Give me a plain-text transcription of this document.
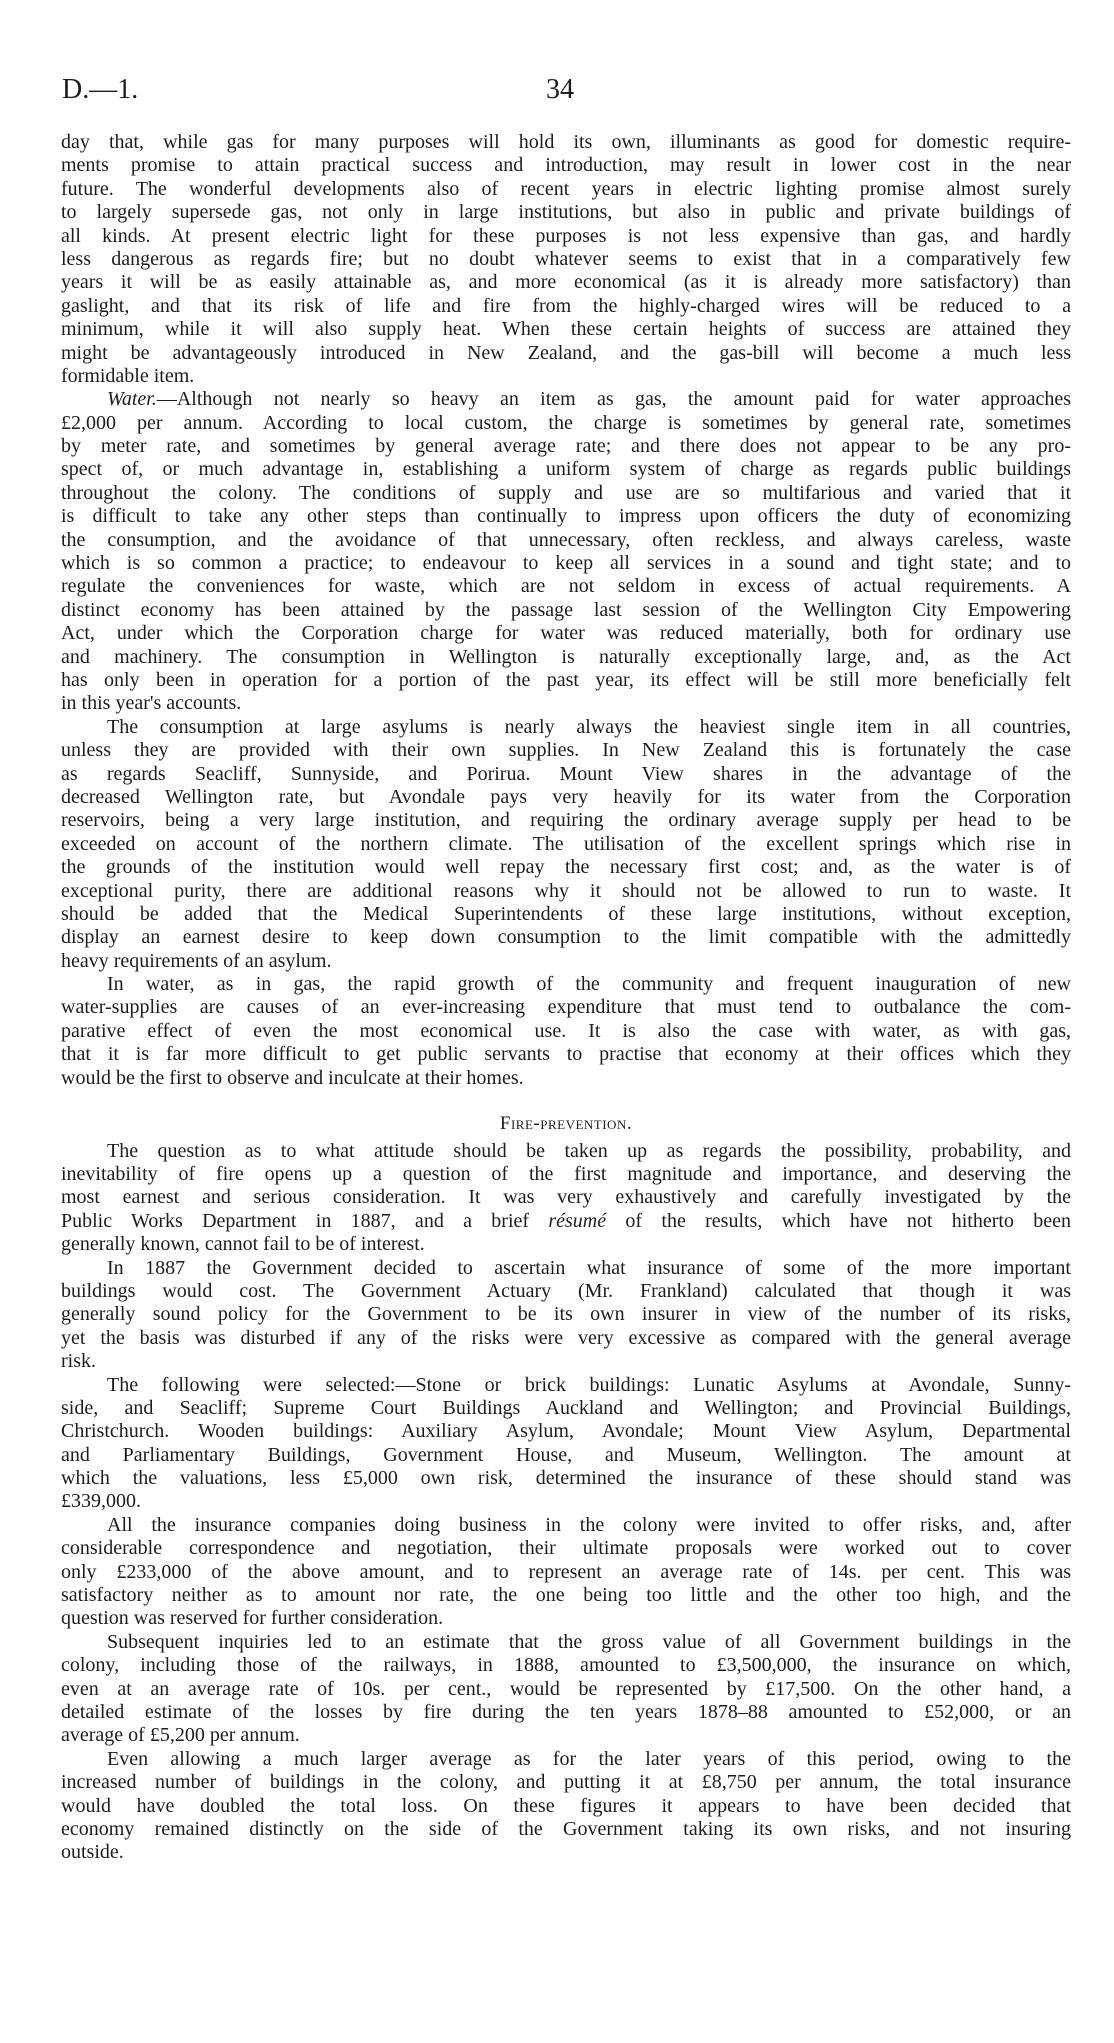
D.—1.	34
day that, while gas for many purposes will hold its own, illuminants as good for domestic require-
ments promise to attain practical success and introduction, may result in lower cost in the near
future. The wonderful developments also of recent years in electric lighting promise almost surely
to largely supersede gas, not only in large institutions, but also in public and private buildings of
all kinds. At present electric light for these purposes is not less expensive than gas, and hardly
less dangerous as regards fire; but no doubt whatever seems to exist that in a comparatively few
years it will be as easily attainable as, and more economical (as it is already more satisfactory) than
gaslight, and that its risk of life and fire from the highly-charged wires will be reduced to a
minimum, while it will also supply heat. When these certain heights of success are attained they
might be advantageously introduced in New Zealand, and the gas-bill will become a much less
formidable item.
Water.—Although not nearly so heavy an item as gas, the amount paid for water approaches
£2,000 per annum. According to local custom, the charge is sometimes by general rate, sometimes
by meter rate, and sometimes by general average rate; and there does not appear to be any pro-
spect of, or much advantage in, establishing a uniform system of charge as regards public buildings
throughout the colony. The conditions of supply and use are so multifarious and varied that it
is difficult to take any other steps than continually to impress upon officers the duty of economizing
the consumption, and the avoidance of that unnecessary, often reckless, and always careless, waste
which is so common a practice; to endeavour to keep all services in a sound and tight state; and to
regulate the conveniences for waste, which are not seldom in excess of actual requirements. A
distinct economy has been attained by the passage last session of the Wellington City Empowering
Act, under which the Corporation charge for water was reduced materially, both for ordinary use
and machinery. The consumption in Wellington is naturally exceptionally large, and, as the Act
has only been in operation for a portion of the past year, its effect will be still more beneficially felt
in this year's accounts.
The consumption at large asylums is nearly always the heaviest single item in all countries,
unless they are provided with their own supplies. In New Zealand this is fortunately the case
as regards Seacliff, Sunnyside, and Porirua. Mount View shares in the advantage of the
decreased Wellington rate, but Avondale pays very heavily for its water from the Corporation
reservoirs, being a very large institution, and requiring the ordinary average supply per head to be
exceeded on account of the northern climate. The utilisation of the excellent springs which rise in
the grounds of the institution would well repay the necessary first cost; and, as the water is of
exceptional purity, there are additional reasons why it should not be allowed to run to waste. It
should be added that the Medical Superintendents of these large institutions, without exception,
display an earnest desire to keep down consumption to the limit compatible with the admittedly
heavy requirements of an asylum.
In water, as in gas, the rapid growth of the community and frequent inauguration of new
water-supplies are causes of an ever-increasing expenditure that must tend to outbalance the com-
parative effect of even the most economical use. It is also the case with water, as with gas,
that it is far more difficult to get public servants to practise that economy at their offices which they
would be the first to observe and inculcate at their homes.
Fire-prevention.
The question as to what attitude should be taken up as regards the possibility, probability, and
inevitability of fire opens up a question of the first magnitude and importance, and deserving the
most earnest and serious consideration. It was very exhaustively and carefully investigated by the
Public Works Department in 1887, and a brief résumé of the results, which have not hitherto been
generally known, cannot fail to be of interest.
In 1887 the Government decided to ascertain what insurance of some of the more important
buildings would cost. The Government Actuary (Mr. Frankland) calculated that though it was
generally sound policy for the Government to be its own insurer in view of the number of its risks,
yet the basis was disturbed if any of the risks were very excessive as compared with the general average
risk.
The following were selected:—Stone or brick buildings: Lunatic Asylums at Avondale, Sunny-
side, and Seacliff; Supreme Court Buildings Auckland and Wellington; and Provincial Buildings,
Christchurch. Wooden buildings: Auxiliary Asylum, Avondale; Mount View Asylum, Departmental
and Parliamentary Buildings, Government House, and Museum, Wellington. The amount at
which the valuations, less £5,000 own risk, determined the insurance of these should stand was
£339,000.
All the insurance companies doing business in the colony were invited to offer risks, and, after
considerable correspondence and negotiation, their ultimate proposals were worked out to cover
only £233,000 of the above amount, and to represent an average rate of 14s. per cent. This was
satisfactory neither as to amount nor rate, the one being too little and the other too high, and the
question was reserved for further consideration.
Subsequent inquiries led to an estimate that the gross value of all Government buildings in the
colony, including those of the railways, in 1888, amounted to £3,500,000, the insurance on which,
even at an average rate of 10s. per cent., would be represented by £17,500. On the other hand, a
detailed estimate of the losses by fire during the ten years 1878–88 amounted to £52,000, or an
average of £5,200 per annum.
Even allowing a much larger average as for the later years of this period, owing to the
increased number of buildings in the colony, and putting it at £8,750 per annum, the total insurance
would have doubled the total loss. On these figures it appears to have been decided that
economy remained distinctly on the side of the Government taking its own risks, and not insuring
outside.
